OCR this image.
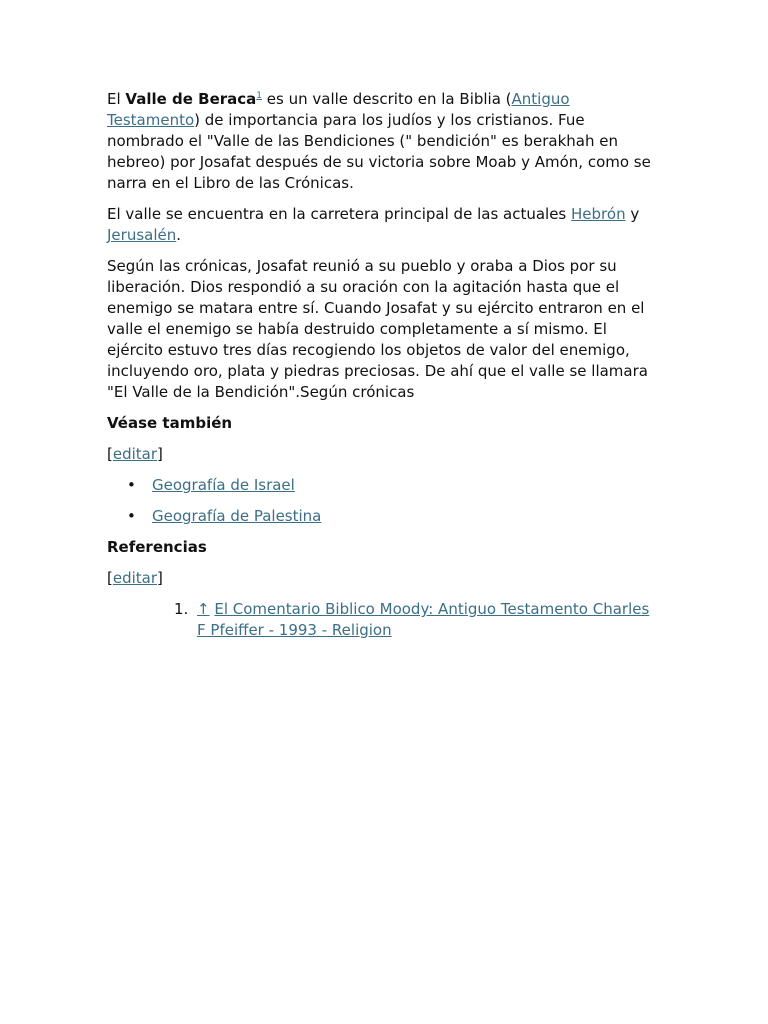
El Valle de Beraca$^1$ es un valle descrito en la Biblia (Antiguo Testamento) de importancia para los judíos y los cristianos. Fue nombrado el "Valle de las Bendiciones (" bendición" es berakhah en hebreo) por Josafat después de su victoria sobre Moab y Amón, como se narra en el Libro de las Crónicas.

El valle se encuentra en la carretera principal de las actuales Hebrón y Jerusalén.

Según las crónicas, Josafat reunió a su pueblo y oraba a Dios por su liberación. Dios respondió a su oración con la agitación hasta que el enemigo se matara entre sí. Cuando Josafat y su ejército entraron en el valle el enemigo se había destruido completamente a sí mismo. El ejército estuvo tres días recogiendo los objetos de valor del enemigo, incluyendo oro, plata y piedras preciosas. De ahí que el valle se llamara "El Valle de la Bendición".Según crónicas

Véase también

[editar]

• Geografía de Israel
• Geografía de Palestina
Referencias

[editar]

1. ↑ El Comentario Biblico Moody: Antiguo Testamento Charles F Pfeiffer - 1993 - Religion
